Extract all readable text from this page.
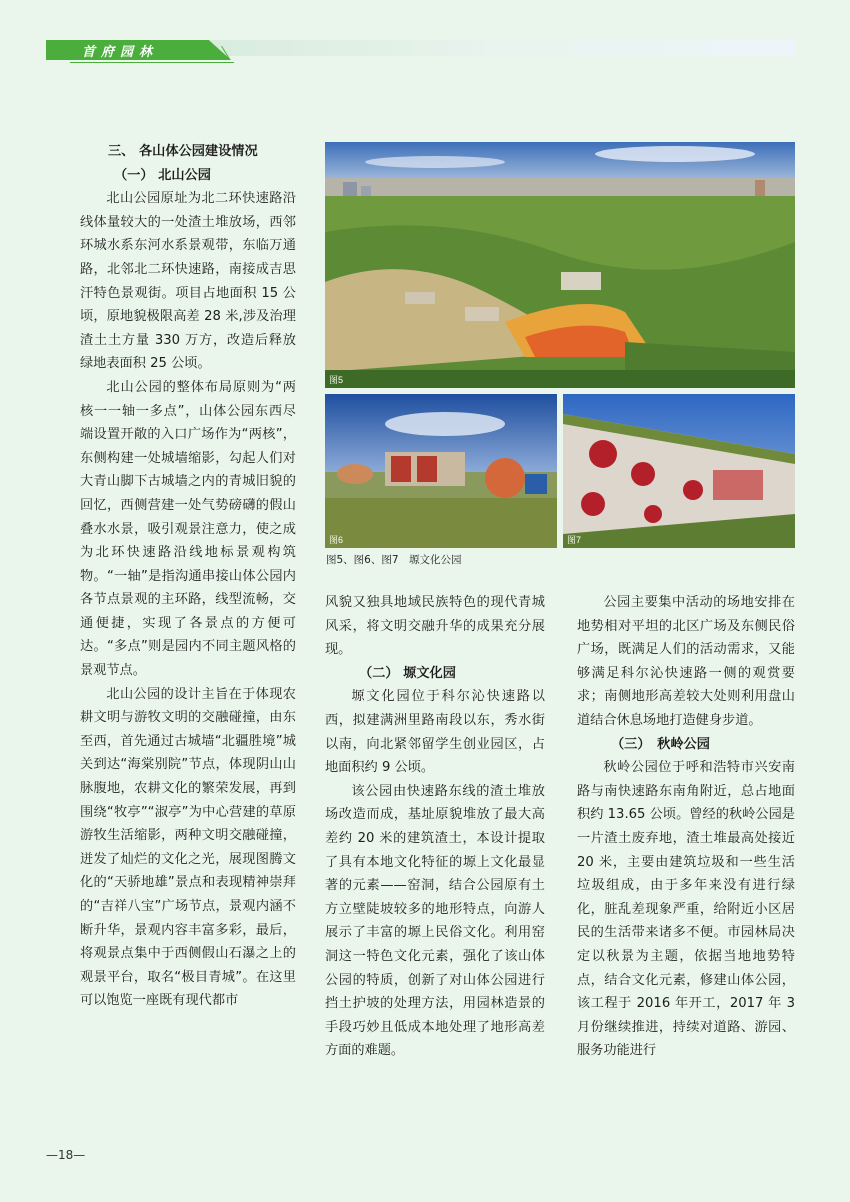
首府园林
三、 各山体公园建设情况
（一） 北山公园

北山公园原址为北二环快速路沿线体量较大的一处渣土堆放场，西邻环城水系东河水系景观带，东临万通路，北邻北二环快速路，南接成吉思汗特色景观街。项目占地面积 15 公顷，原地貌极限高差 28 米,涉及治理渣土土方量 330 万方，改造后释放绿地表面积 25 公顷。

北山公园的整体布局原则为“两核一一轴一多点”，山体公园东西尽端设置开敞的入口广场作为“两核”，东侧构建一处城墙缩影，勾起人们对大青山脚下古城墙之内的青城旧貌的回忆，西侧营建一处气势磅礴的假山叠水水景，吸引观景注意力，使之成为北环快速路沿线地标景观构筑物。“一轴”是指沟通串接山体公园内各节点景观的主环路，线型流畅，交通便捷，实现了各景点的方便可达。“多点”则是园内不同主题风格的景观节点。

北山公园的设计主旨在于体现农耕文明与游牧文明的交融碰撞，由东至西，首先通过古城墙“北疆胜境”城关到达“海棠别院”节点，体现阴山山脉腹地，农耕文化的繁荣发展，再到围绕“牧亭”“淑亭”为中心营建的草原游牧生活缩影，两种文明交融碰撞，迸发了灿烂的文化之光，展现图腾文化的“天骄地雄”景点和表现精神崇拜的“吉祥八宝”广场节点，景观内涵不断升华，景观内容丰富多彩，最后，将观景点集中于西侧假山石瀑之上的观景平台，取名“极目青城”。在这里可以饱览一座既有现代都市

图5
图6	图7
图5、图6、图7　塬文化公园
风貌又独具地域民族特色的现代青城风采，将文明交融升华的成果充分展现。
（二） 塬文化园

塬文化园位于科尔沁快速路以西，拟建满洲里路南段以东，秀水街以南，向北紧邻留学生创业园区，占地面积约 9 公顷。

该公园由快速路东线的渣土堆放场改造而成，基址原貌堆放了最大高差约 20 米的建筑渣土，本设计提取了具有本地文化特征的塬上文化最显著的元素——窑洞，结合公园原有土方立壁陡坡较多的地形特点，向游人展示了丰富的塬上民俗文化。利用窑洞这一特色文化元素，强化了该山体公园的特质，创新了对山体公园进行挡土护坡的处理方法，用园林造景的手段巧妙且低成本地处理了地形高差方面的难题。

公园主要集中活动的场地安排在地势相对平坦的北区广场及东侧民俗广场，既满足人们的活动需求，又能够满足科尔沁快速路一侧的观赏要求；南侧地形高差较大处则利用盘山道结合休息场地打造健身步道。

（三）　秋岭公园

秋岭公园位于呼和浩特市兴安南路与南快速路东南角附近，总占地面积约 13.65 公顷。曾经的秋岭公园是一片渣土废弃地，渣土堆最高处接近 20 米，主要由建筑垃圾和一些生活垃圾组成，由于多年来没有进行绿化，脏乱差现象严重，给附近小区居民的生活带来诸多不便。市园林局决定以秋景为主题，依据当地地势特点，结合文化元素，修建山体公园，该工程于 2016 年开工，2017 年 3 月份继续推进，持续对道路、游园、服务功能进行

—18—
